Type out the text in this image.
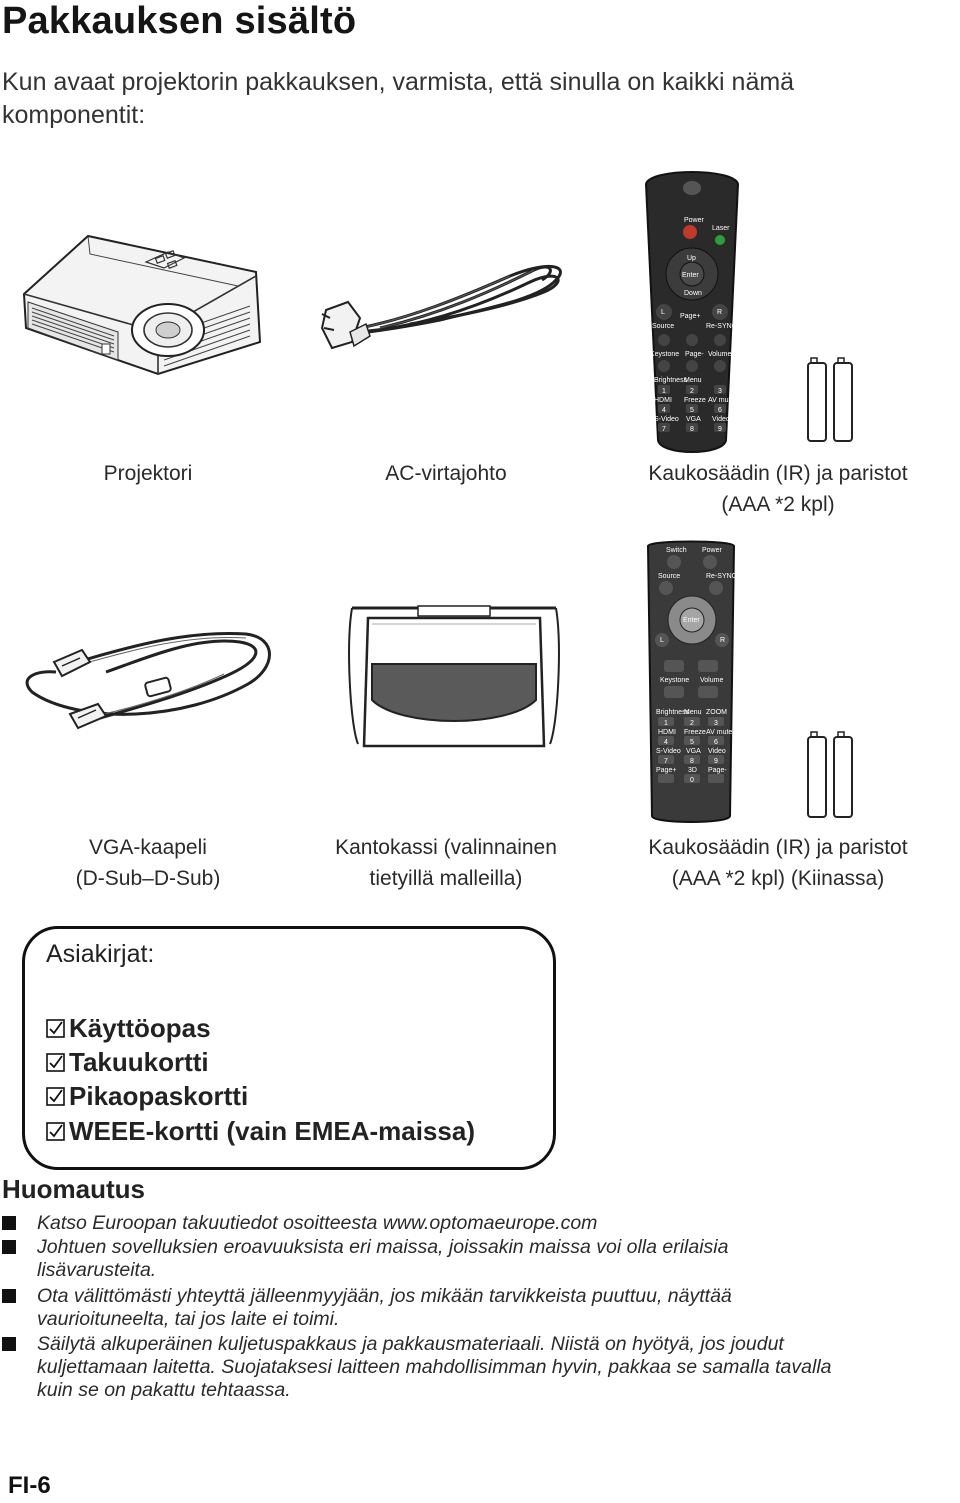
Pakkauksen sisältö
Kun avaat projektorin pakkauksen, varmista, että sinulla on kaikki nämä komponentit:
Power
Laser
Up
Enter
Down
L	R
Source
Page+
Re-SYNC
Keystone Page- Volume
Brightness
Menu
1	2	3
HDMI Freeze AV mute
4	5	6
S-Video VGA Video
7	8	9
Switch Power
Source	Re-SYNC
Enter
L	R
Keystone Volume
Brightness
Menu ZOOM
1	2	3
HDMI Freeze AV mute
4	5	6
S-Video VGA Video
7	8	9
Page+ 3D Page-
0
Projektori	AC-virtajohto	Kaukosäädin (IR) ja paristot
(AAA *2 kpl)
VGA-kaapeli
(D-Sub–D-Sub)
Kantokassi (valinnainen
tietyillä malleilla)
Kaukosäädin (IR) ja paristot
(AAA *2 kpl) (Kiinassa)
Asiakirjat:
Käyttöopas
Takuukortti
Pikaopaskortti
WEEE-kortti (vain EMEA-maissa)
Huomautus
Katso Euroopan takuutiedot osoitteesta www.optomaeurope.com
Johtuen sovelluksien eroavuuksista eri maissa, joissakin maissa voi olla erilaisia
lisävarusteita.
Ota välittömästi yhteyttä jälleenmyyjään, jos mikään tarvikkeista puuttuu, näyttää
vaurioituneelta, tai jos laite ei toimi.
Säilytä alkuperäinen kuljetuspakkaus ja pakkausmateriaali. Niistä on hyötyä, jos joudut
kuljettamaan laitetta. Suojataksesi laitteen mahdollisimman hyvin, pakkaa se samalla tavalla
kuin se on pakattu tehtaassa.
FI-6
